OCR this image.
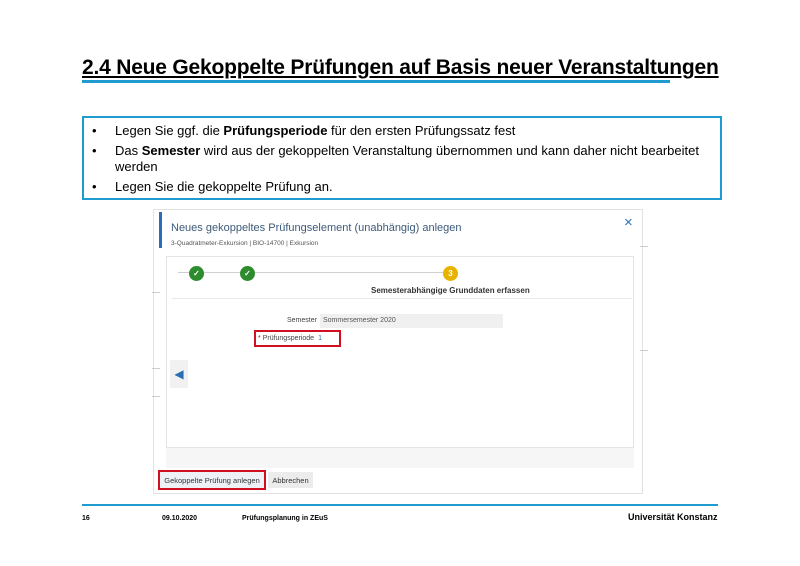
2.4 Neue Gekoppelte Prüfungen auf Basis neuer Veranstaltungen
• Legen Sie ggf. die Prüfungsperiode für den ersten Prüfungssatz fest
• Das Semester wird aus der gekoppelten Veranstaltung übernommen und kann daher nicht bearbeitet werden
• Legen Sie die gekoppelte Prüfung an.
Neues gekoppeltes Prüfungselement (unabhängig) anlegen
3-Quadratmeter-Exkursion | BIO-14700 | Exkursion
×
✓	✓	3
Semesterabhängige Grunddaten erfassen
Semester Sommersemester 2020
* Prüfungsperiode 1
◀
Gekoppelte Prüfung anlegen	Abbrechen
16	09.10.2020	Prüfungsplanung in ZEuS	Universität Konstanz
